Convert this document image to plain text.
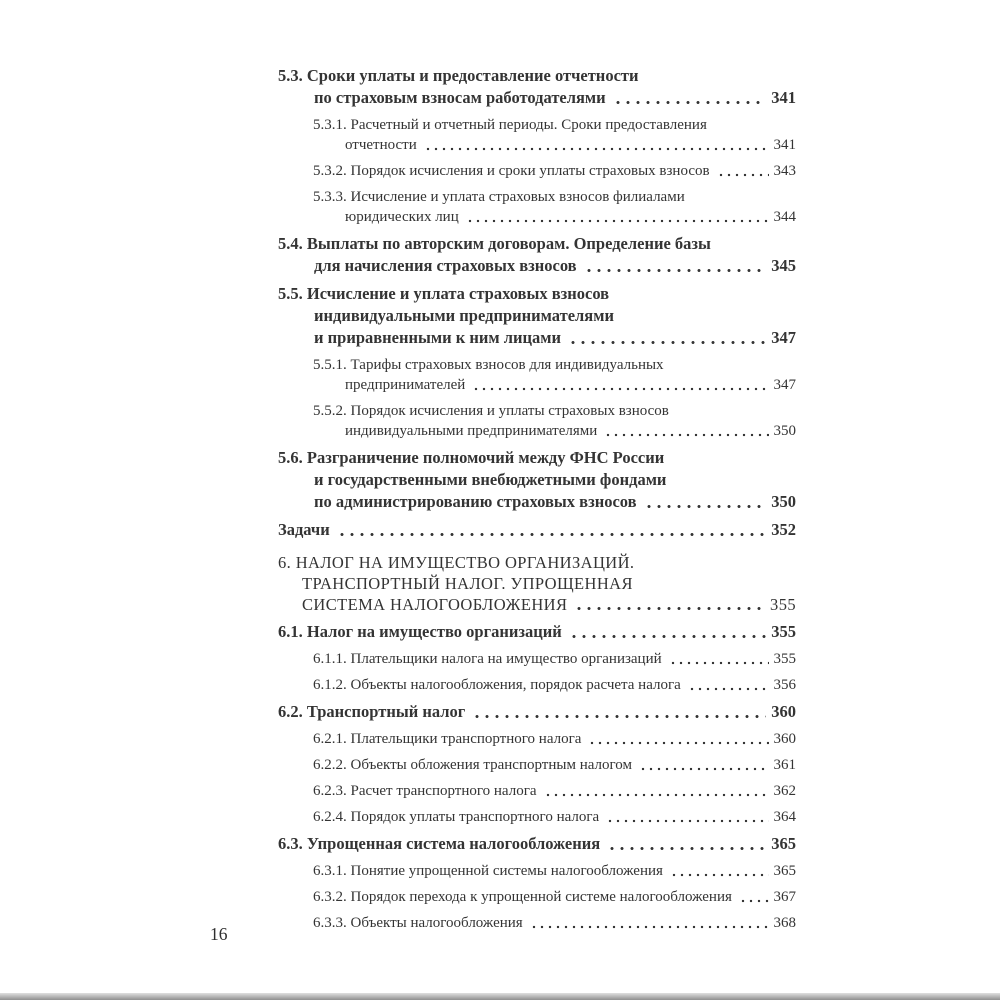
5.3. Сроки уплаты и предоставление отчетности
по страховым взносам работодателями	341
5.3.1. Расчетный и отчетный периоды. Сроки предоставления
отчетности	341
5.3.2. Порядок исчисления и сроки уплаты страховых взносов	343
5.3.3. Исчисление и уплата страховых взносов филиалами
юридических лиц	344
5.4. Выплаты по авторским договорам. Определение базы
для начисления страховых взносов	345
5.5. Исчисление и уплата страховых взносов
индивидуальными предпринимателями
и приравненными к ним лицами	347
5.5.1. Тарифы страховых взносов для индивидуальных
предпринимателей	347
5.5.2. Порядок исчисления и уплаты страховых взносов
индивидуальными предпринимателями	350
5.6. Разграничение полномочий между ФНС России
и государственными внебюджетными фондами
по администрированию страховых взносов	350
Задачи	352
6. НАЛОГ НА ИМУЩЕСТВО ОРГАНИЗАЦИЙ.
ТРАНСПОРТНЫЙ НАЛОГ. УПРОЩЕННАЯ
СИСТЕМА НАЛОГООБЛОЖЕНИЯ	355
6.1. Налог на имущество организаций	355
6.1.1. Плательщики налога на имущество организаций	355
6.1.2. Объекты налогообложения, порядок расчета налога	356
6.2. Транспортный налог	360
6.2.1. Плательщики транспортного налога	360
6.2.2. Объекты обложения транспортным налогом	361
6.2.3. Расчет транспортного налога	362
6.2.4. Порядок уплаты транспортного налога	364
6.3. Упрощенная система налогообложения	365
6.3.1. Понятие упрощенной системы налогообложения	365
6.3.2. Порядок перехода к упрощенной системе налогообложения	367
6.3.3. Объекты налогообложения	368
16
